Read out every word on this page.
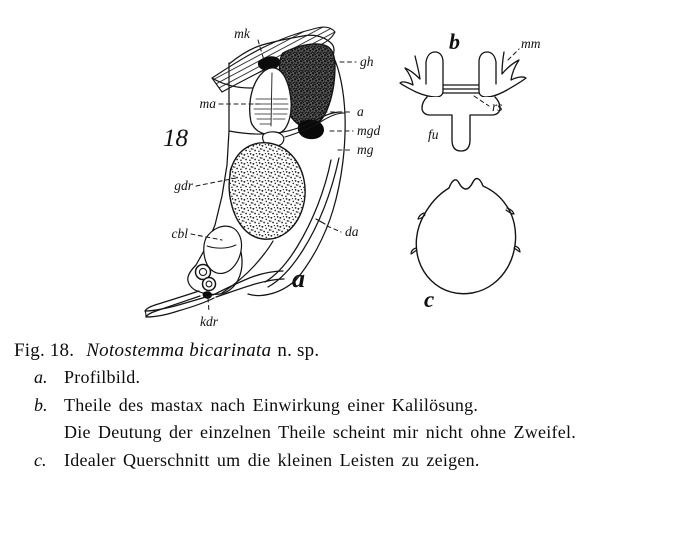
mk
gh
ma
a
mgd
mg
gdr
da
cbl
kdr
18
a
mm
rs
fu
b
c
Fig. 18. Notostemma bicarinata n. sp.
a. Profilbild.
b. Theile des mastax nach Einwirkung einer Kalilösung.
Die Deutung der einzelnen Theile scheint mir nicht ohne Zweifel.
c. Idealer Querschnitt um die kleinen Leisten zu zeigen.
